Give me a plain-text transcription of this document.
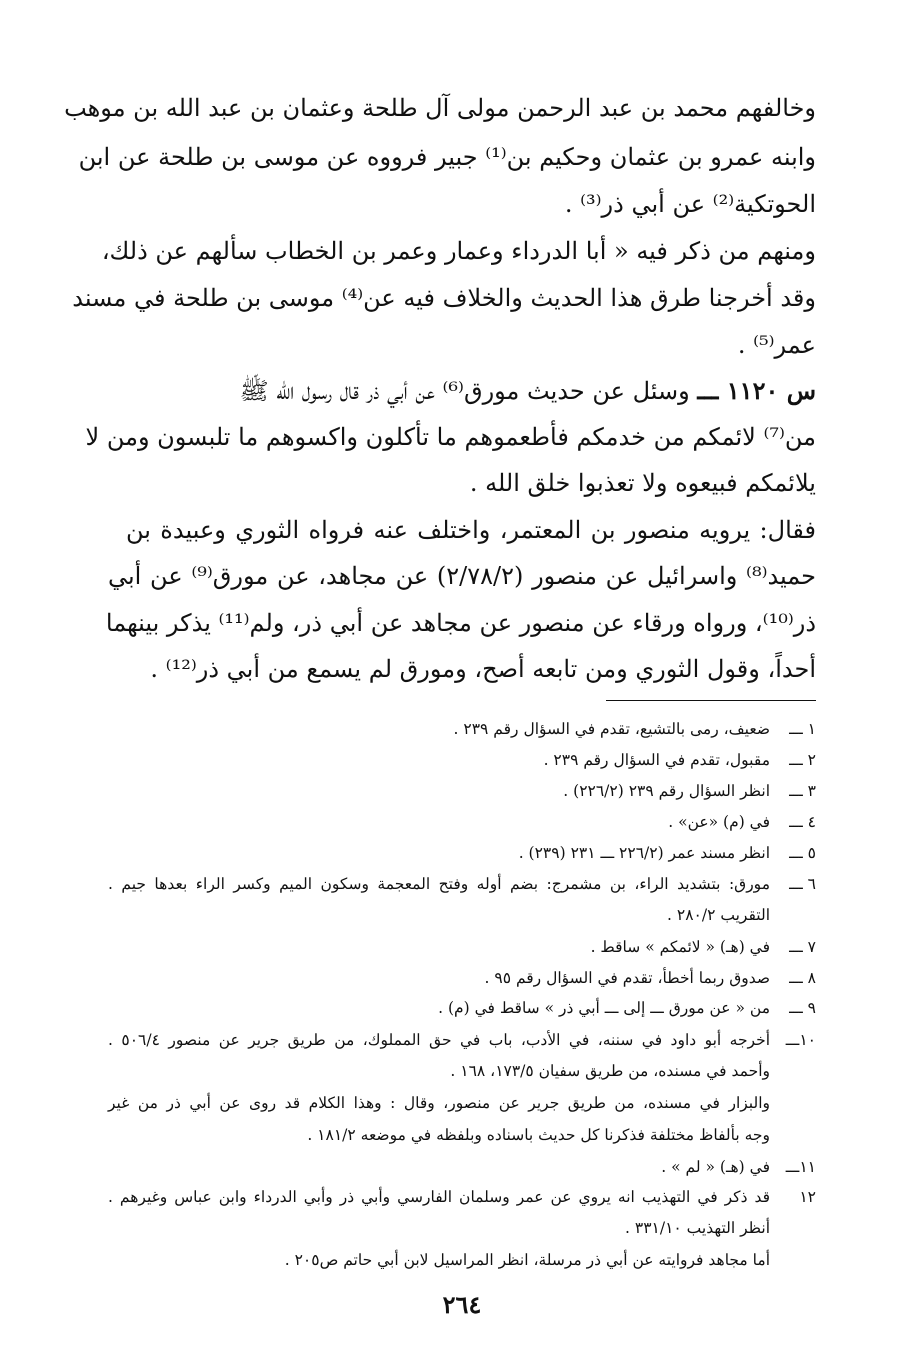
وخالفهم محمد بن عبد الرحمن مولى آل طلحة وعثمان بن عبد الله بن موهب

وابنه عمرو بن عثمان وحكيم بن⁽¹⁾ جبير فرووه عن موسى بن طلحة عن ابن

الحوتكية⁽²⁾ عن أبي ذر⁽³⁾ .

ومنهم من ذكر فيه « أبا الدرداء وعمار وعمر بن الخطاب سألهم عن ذلك،

وقد أخرجنا طرق هذا الحديث والخلاف فيه عن⁽⁴⁾ موسى بن طلحة في مسند

عمر⁽⁵⁾ .

س ١١٢٠ ـــ وسئل عن حديث مورق⁽⁶⁾ عن أبي ذر قال رسول الله ﷺ

من⁽⁷⁾ لائمكم من خدمكم فأطعموهم ما تأكلون واكسوهم ما تلبسون ومن لا

يلائمكم فبيعوه ولا تعذبوا خلق الله .

فقال: يرويه منصور بن المعتمر، واختلف عنه فرواه الثوري وعبيدة بن

حميد⁽⁸⁾ واسرائيل عن منصور (٢/٧٨/٢) عن مجاهد، عن مورق⁽⁹⁾ عن أبي

ذر⁽¹⁰⁾، ورواه ورقاء عن منصور عن مجاهد عن أبي ذر، ولم⁽¹¹⁾ يذكر بينهما

أحداً، وقول الثوري ومن تابعه أصح، ومورق لم يسمع من أبي ذر⁽¹²⁾ .

١ ـــ
ضعيف، رمى بالتشيع، تقدم في السؤال رقم ٢٣٩ .
٢ ـــ
مقبول، تقدم في السؤال رقم ٢٣٩ .
٣ ـــ
انظر السؤال رقم ٢٣٩ (٢٢٦/٢) .
٤ ـــ
في (م) «عن» .
٥ ـــ
انظر مسند عمر (٢٢٦/٢ ـــ ٢٣١ (٢٣٩) .
٦ ـــ
مورق: بتشديد الراء، بن مشمرج: بضم أوله وفتح المعجمة وسكون الميم وكسر الراء بعدها جيم .

التقريب ٢٨٠/٢ .

٧ ـــ
في (هـ) « لائمكم » ساقط .
٨ ـــ
صدوق ربما أخطأ، تقدم في السؤال رقم ٩٥ .
٩ ـــ
من « عن مورق ـــ إلى ـــ أبي ذر » ساقط في (م) .
١٠ـــ
أخرجه أبو داود في سننه، في الأدب، باب في حق المملوك، من طريق جرير عن منصور ٥٠٦/٤ .

وأحمد في مسنده، من طريق سفيان ١٧٣/٥، ١٦٨ .

والبزار في مسنده، من طريق جرير عن منصور، وقال : وهذا الكلام قد روى عن أبي ذر من غير

وجه بألفاظ مختلفة فذكرنا كل حديث باسناده وبلفظه في موضعه ١٨١/٢ .

١١ـــ
في (هـ) « لم » .
١٢
قد ذكر في التهذيب انه يروي عن عمر وسلمان الفارسي وأبي ذر وأبي الدرداء وابن عباس وغيرهم .

أنظر التهذيب ٣٣١/١٠ .

أما مجاهد فروايته عن أبي ذر مرسلة، انظر المراسيل لابن أبي حاتم ص٢٠٥ .

٢٦٤
